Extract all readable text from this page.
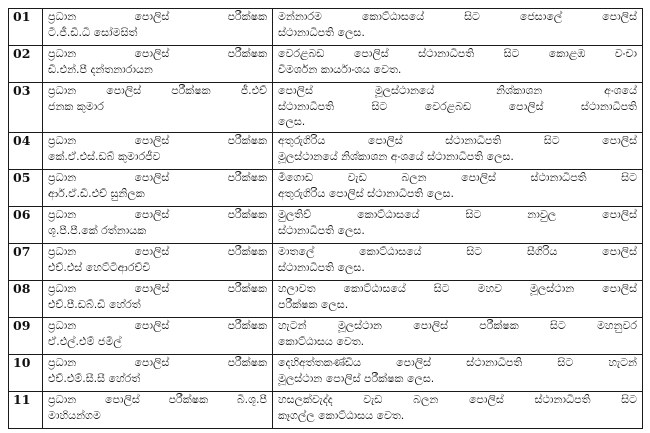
01	ප්‍රධාන පොලිස් පරීක්ෂක
ටී.ජී.ඩී.ධී සෝමසිත්	මන්නාරම කොට්ඨාසයේ සිට ජෙසාලේ පොලිස්
ස්ථානාධිපති ලෙස.

02	ප්‍රධාන පොලිස් පරීක්ෂක
ඩී.එන්.පී දන්තනාරායන	වෙරළබඩ පොලිස් ස්ථානාධිපති සිට කොළඹ වංචා
විමර්ශන කාර්යාංශය වෙත.

03	ප්‍රධාන පොලිස් පරීක්ෂක ජී.එච්
ජනක කුමාර	පොලිස් මූලස්ථානයේ නිශ්කාශන අංශයේ
ස්ථානාධිපති සිට වෙරළබඩ පොලිස් ස්ථානාධිපති
ලෙස.

04	ප්‍රධාන පොලිස් පරීක්ෂක
කේ.ඒ.එස්.ඩබ් කුමාරජීව	අතුරුගිරිය පොලිස් ස්ථානාධිපති සිට පොලිස්
මූලස්ථානයේ නිශ්කාශන අංශයේ ස්ථානාධිපති ලෙස.

05	ප්‍රධාන පොලිස් පරීක්ෂක
ආර්.ඒ.ඩී.එච් සුනිලක	මීගොඩ වැඩ බලන පොලිස් ස්ථානාධිපති සිට
අතුරුගිරිය පොලිස් ස්ථානාධිපති ලෙස.

06	ප්‍රධාන පොලිස් පරීක්ෂක
ශූ.පී.පී.කේ රත්නායක	මුලතිව් කොට්ඨාසයේ සිට නාවුල පොලිස්
ස්ථානාධිපති ලෙස.

07	ප්‍රධාන පොලිස් පරීක්ෂක
එච්.එස් හෙට්ටිආරච්චි	මාතලේ කොට්ඨාසයේ සිට සීගිරිය පොලිස්
ස්ථානාධිපති ලෙස.

08	ප්‍රධාන පොලිස් පරීක්ෂක
එච්.පී.ඩබ්.ඩී හේරත්	හලාවත කොට්ඨාසයේ සිට මහව මූලස්ථාන පොලිස්
පරීක්ෂක ලෙස.

09	ප්‍රධාන පොලිස් පරීක්ෂක
ඒ.එල්.එම් ජමීල්	හැටන් මූලස්ථාන පොලිස් පරීක්ෂක සිට මහනුවර
කොට්ඨාසය වෙත.

10	ප්‍රධාන පොලිස් පරීක්ෂක
එච්.එම්.සී.සී හේරත්	දෙහිඅත්තකණ්ඩිය පොලිස් ස්ථානාධිපති සිට හැටන්
මූලස්ථාන පොලිස් පරීක්ෂක ලෙස.

11	ප්‍රධාන පොලිස් පරීක්ෂක බී.ශූ.පී
මාහියන්ගම	හසලක්වැද්ද වැඩ බලන පොලිස් ස්ථානාධිපති සිට
කෑගල්ල කොට්ඨාසය වෙත.
